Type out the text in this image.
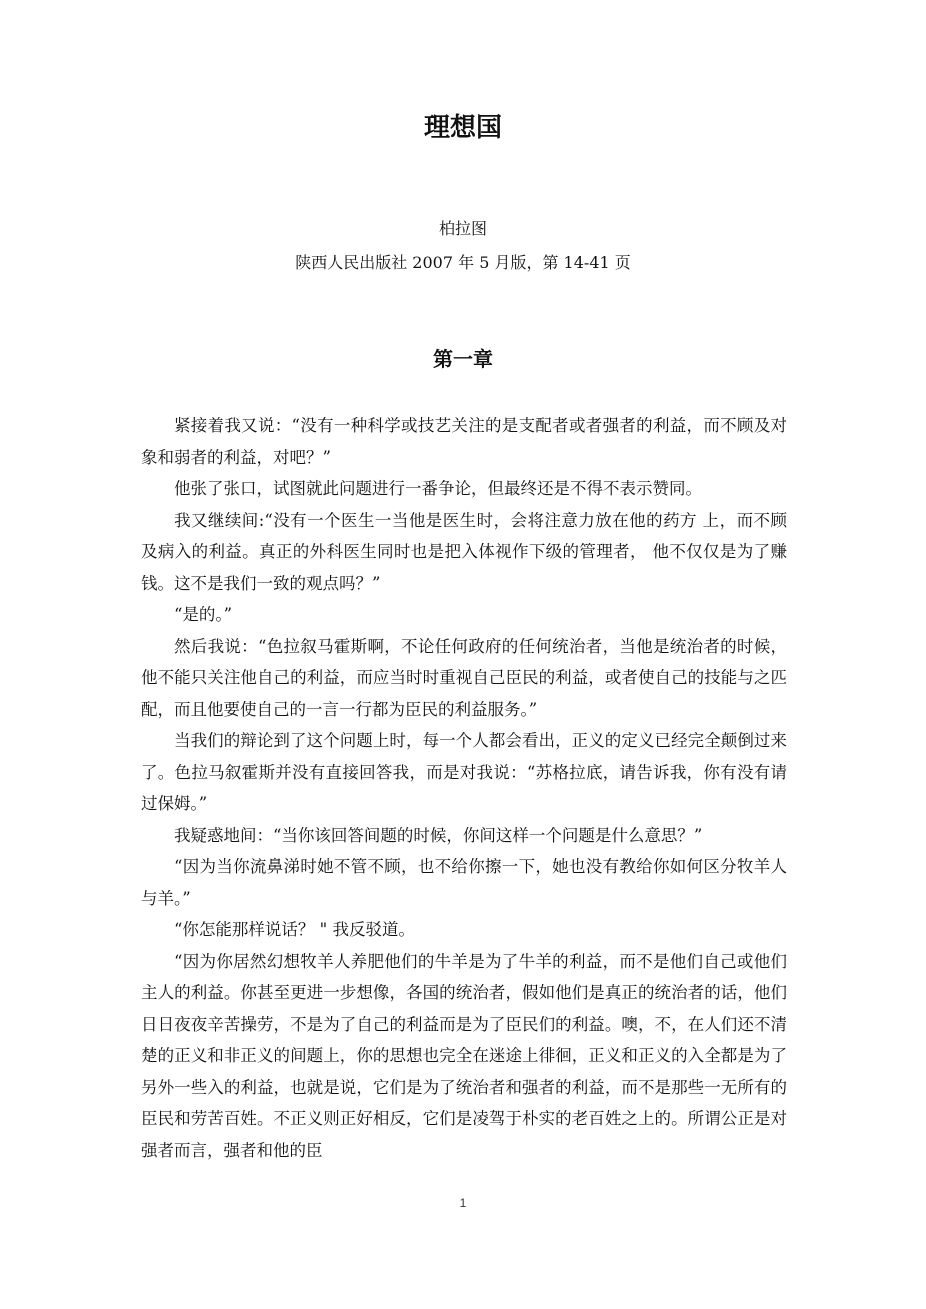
理想国
柏拉图
陕西人民出版社 2007 年 5 月版，第 14-41 页
第一章

紧接着我又说：“没有一种科学或技艺关注的是支配者或者强者的利益，而不顾及对象和弱者的利益，对吧？”

他张了张口，试图就此问题进行一番争论，但最终还是不得不表示赞同。

我又继续间:“没有一个医生一当他是医生时，会将注意力放在他的药方 上，而不顾及病入的利益。真正的外科医生同时也是把入体视作下级的管理者， 他不仅仅是为了赚钱。这不是我们一致的观点吗？”

“是的。”

然后我说：“色拉叙马霍斯啊，不论任何政府的任何统治者，当他是统治者的时候，他不能只关注他自己的利益，而应当时时重视自己臣民的利益，或者使自己的技能与之匹配，而且他要使自己的一言一行都为臣民的利益服务。”

当我们的辩论到了这个问题上时，每一个人都会看出，正义的定义已经完全颠倒过来了。色拉马叙霍斯并没有直接回答我，而是对我说：“苏格拉底，请告诉我，你有没有请过保姆。”

我疑惑地间：“当你该回答间题的时候，你间这样一个问题是什么意思？”

“因为当你流鼻涕时她不管不顾，也不给你擦一下，她也没有教给你如何区分牧羊人与羊。”

“你怎能那样说话？ " 我反驳道。

“因为你居然幻想牧羊人养肥他们的牛羊是为了牛羊的利益，而不是他们自己或他们主人的利益。你甚至更进一步想像，各国的统治者，假如他们是真正的统治者的话，他们日日夜夜辛苦操劳，不是为了自己的利益而是为了臣民们的利益。噢，不，在人们还不清楚的正义和非正义的间题上，你的思想也完全在迷途上徘徊，正义和正义的入全都是为了另外一些入的利益，也就是说，它们是为了统治者和强者的利益，而不是那些一无所有的臣民和劳苦百姓。不正义则正好相反，它们是凌驾于朴实的老百姓之上的。所谓公正是对强者而言，强者和他的臣

1
